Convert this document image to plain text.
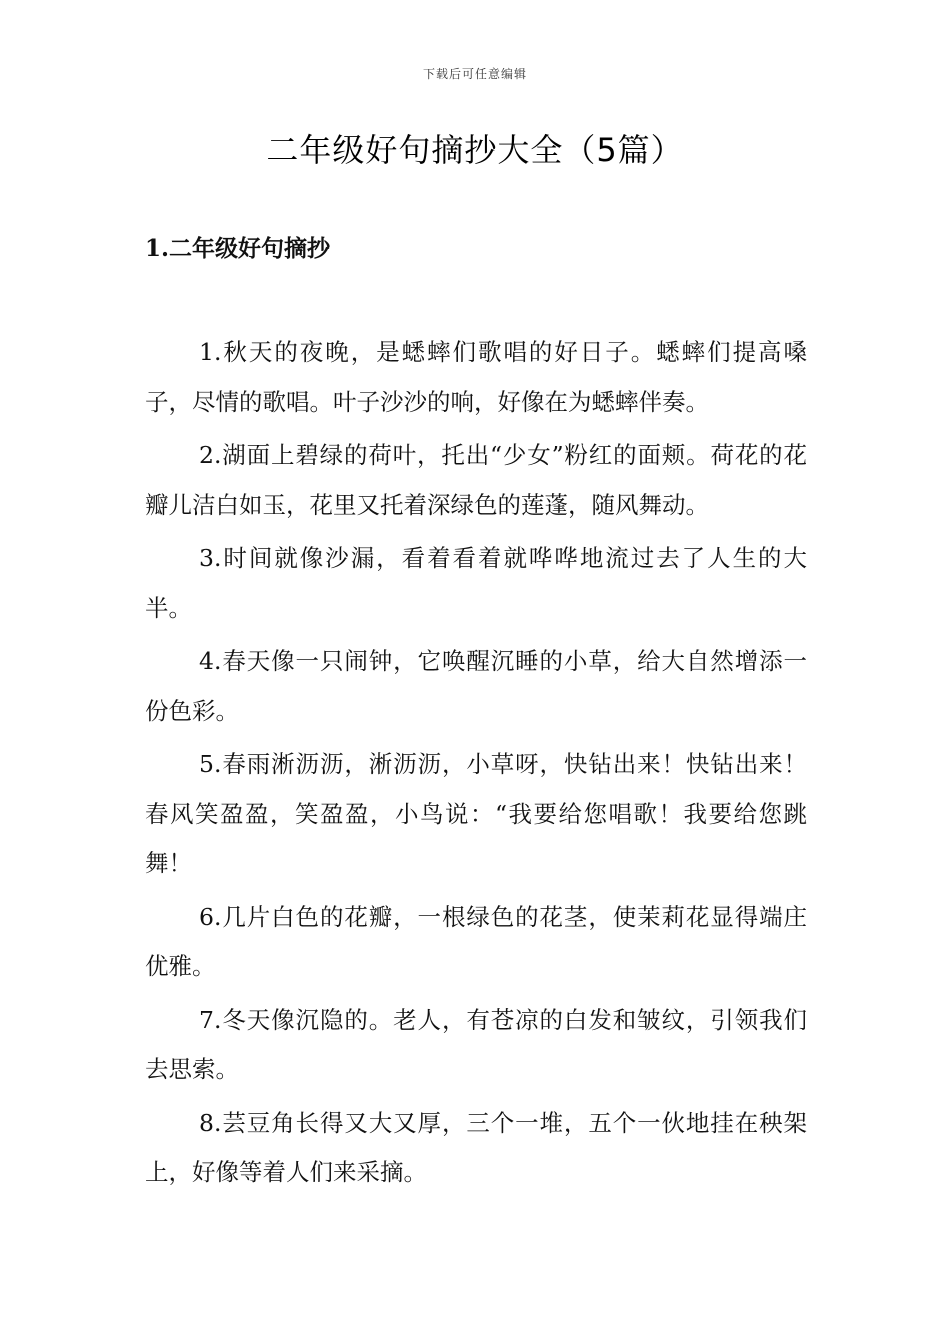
下载后可任意编辑
二年级好句摘抄大全（5篇）
1.二年级好句摘抄

1.秋天的夜晚，是蟋蟀们歌唱的好日子。蟋蟀们提高嗓子，尽情的歌唱。叶子沙沙的响，好像在为蟋蟀伴奏。

2.湖面上碧绿的荷叶，托出“少女”粉红的面颊。荷花的花瓣儿洁白如玉，花里又托着深绿色的莲蓬，随风舞动。

3.时间就像沙漏，看着看着就哗哗地流过去了人生的大半。

4.春天像一只闹钟，它唤醒沉睡的小草，给大自然增添一份色彩。

5.春雨淅沥沥，淅沥沥，小草呀，快钻出来！快钻出来！春风笑盈盈，笑盈盈，小鸟说：“我要给您唱歌！我要给您跳舞！

6.几片白色的花瓣，一根绿色的花茎，使茉莉花显得端庄优雅。

7.冬天像沉隐的。老人，有苍凉的白发和皱纹，引领我们去思索。

8.芸豆角长得又大又厚，三个一堆，五个一伙地挂在秧架上，好像等着人们来采摘。
